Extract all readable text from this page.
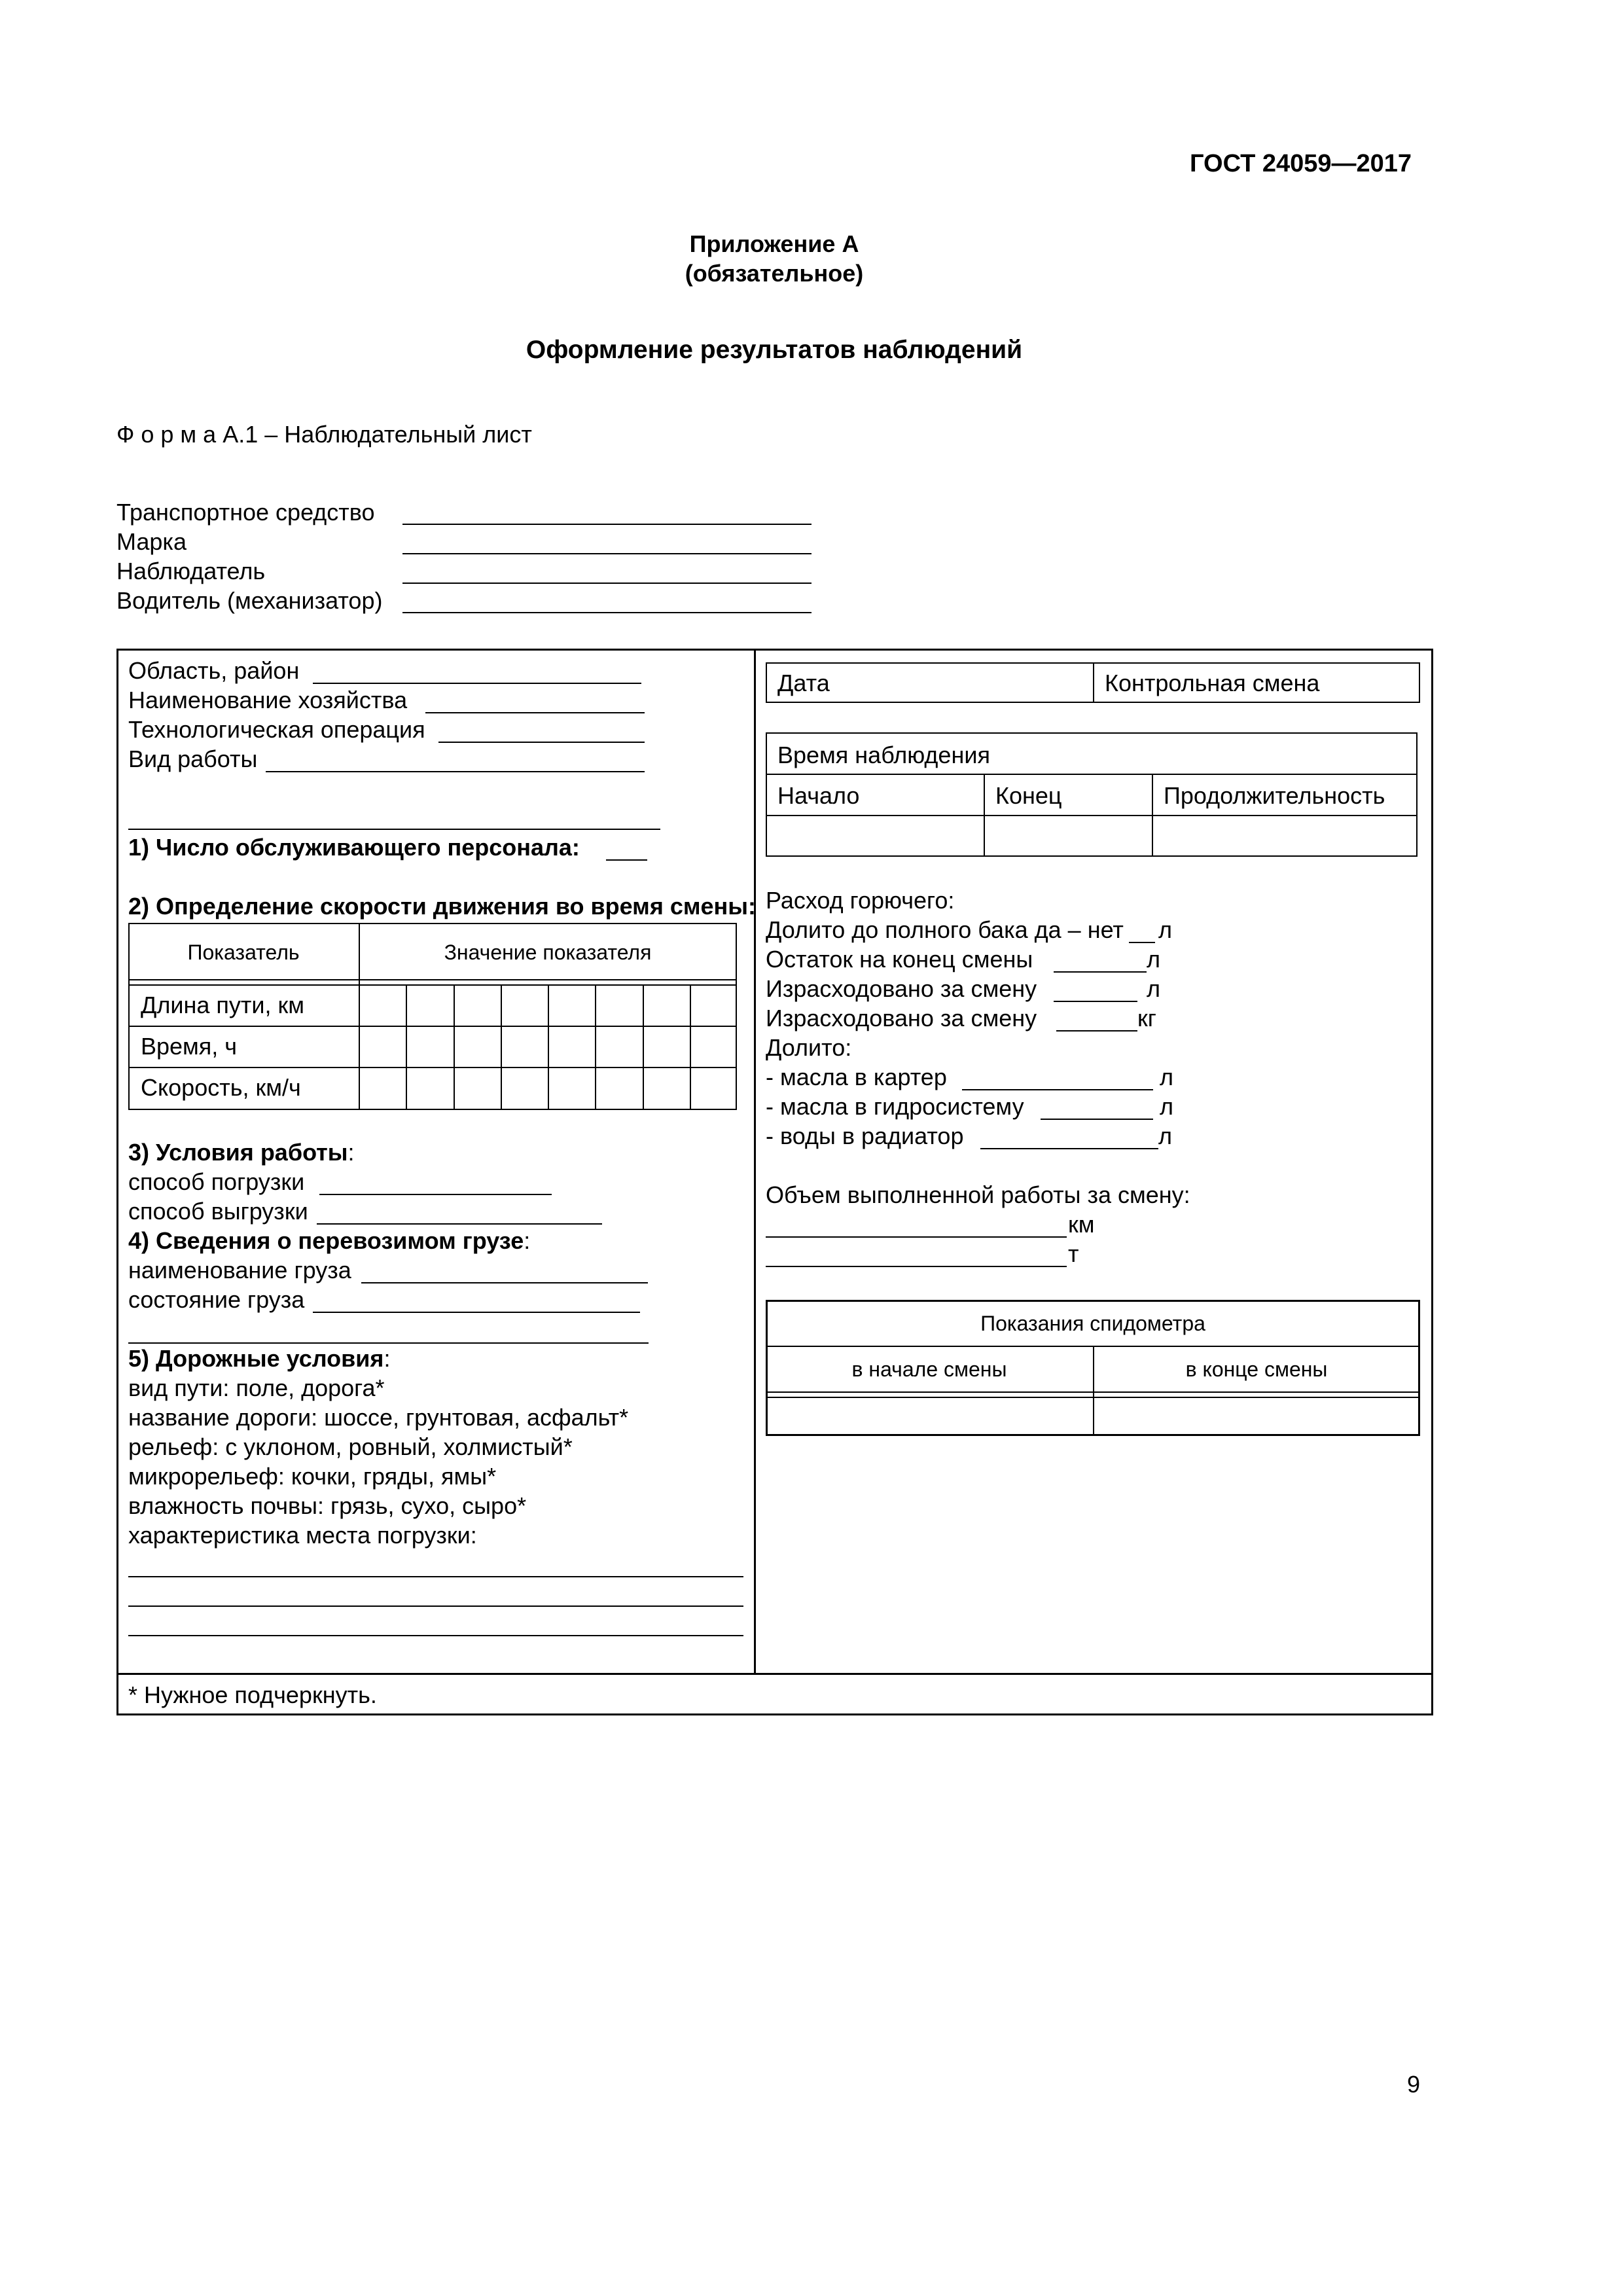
ГОСТ 24059—2017
Приложение А
(обязательное)
Оформление результатов наблюдений
Ф о р м а А.1 – Наблюдательный лист
Транспортное средство
Марка
Наблюдатель
Водитель (механизатор)
Область, район
Наименование хозяйства
Технологическая операция
Вид работы
1) Число обслуживающего персонала:
2) Определение скорости движения во время смены:
Показатель	Значение показателя
Длина пути, км
Время, ч
Скорость, км/ч
3) Условия работы:
способ погрузки
способ выгрузки
4) Сведения о перевозимом грузе:
наименование груза
состояние груза
5) Дорожные условия:
вид пути: поле, дорога*
название дороги: шоссе, грунтовая, асфальт*
рельеф: с уклоном, ровный, холмистый*
микрорельеф: кочки, гряды, ямы*
влажность почвы: грязь, сухо, сыро*
характеристика места погрузки:
Дата	Контрольная смена
Время наблюдения
Начало	Конец	Продолжительность
Расход горючего:
Долито до полного бака да – нет л
Остаток на конец смены	л
Израсходовано за смену	л
Израсходовано за смену	кг
Долито:
- масла в картер	л
- масла в гидросистему	л
- воды в радиатор	л
Объем выполненной работы за смену:
км
т
Показания спидометра
в начале смены	в конце смены
* Нужное подчеркнуть.
9
